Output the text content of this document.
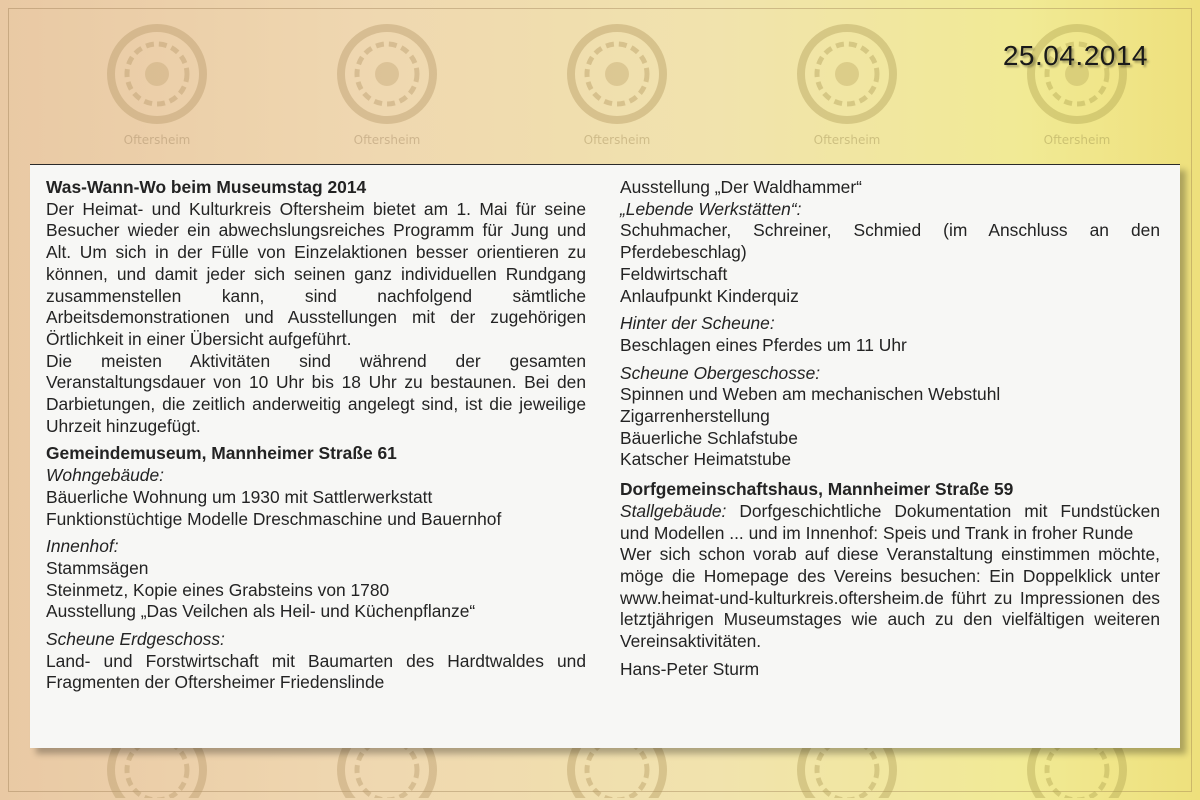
Oftersheim	Oftersheim	Oftersheim	Oftersheim	Oftersheim
25.04.2014

Was-Wann-Wo beim Museumstag 2014

Der Heimat- und Kulturkreis Oftersheim bietet am 1. Mai für seine Besucher wieder ein abwechslungsreiches Programm für Jung und Alt. Um sich in der Fülle von Einzelaktionen besser orientieren zu können, und damit jeder sich seinen ganz individuellen Rundgang zusammenstellen kann, sind nachfolgend sämtliche Arbeitsdemonstrationen und Ausstellungen mit der zugehörigen Örtlichkeit in einer Übersicht aufgeführt.

Die meisten Aktivitäten sind während der gesamten Veranstaltungsdauer von 10 Uhr bis 18 Uhr zu bestaunen. Bei den Darbietungen, die zeitlich anderweitig angelegt sind, ist die jeweilige Uhrzeit hinzugefügt.

Gemeindemuseum, Mannheimer Straße 61

Wohngebäude:

Bäuerliche Wohnung um 1930 mit Sattlerwerkstatt

Funktionstüchtige Modelle Dreschmaschine und Bauernhof

Innenhof:

Stammsägen

Steinmetz, Kopie eines Grabsteins von 1780

Ausstellung „Das Veilchen als Heil- und Küchenpflanze“

Scheune Erdgeschoss:

Land- und Forstwirtschaft mit Baumarten des Hardtwaldes und Fragmenten der Oftersheimer Friedenslinde

Ausstellung „Der Waldhammer“

„Lebende Werkstätten“:

Schuhmacher, Schreiner, Schmied (im Anschluss an den Pferdebeschlag)

Feldwirtschaft

Anlaufpunkt Kinderquiz

Hinter der Scheune:

Beschlagen eines Pferdes um 11 Uhr

Scheune Obergeschosse:

Spinnen und Weben am mechanischen Webstuhl

Zigarrenherstellung

Bäuerliche Schlafstube

Katscher Heimatstube

Dorfgemeinschaftshaus, Mannheimer Straße 59

Stallgebäude: Dorfgeschichtliche Dokumentation mit Fundstücken und Modellen ... und im Innenhof: Speis und Trank in froher Runde

Wer sich schon vorab auf diese Veranstaltung einstimmen möchte, möge die Homepage des Vereins besuchen: Ein Doppelklick unter www.heimat-und-kulturkreis.oftersheim.de führt zu Impressionen des letztjährigen Museumstages wie auch zu den vielfältigen weiteren Vereinsaktivitäten.

Hans-Peter Sturm
